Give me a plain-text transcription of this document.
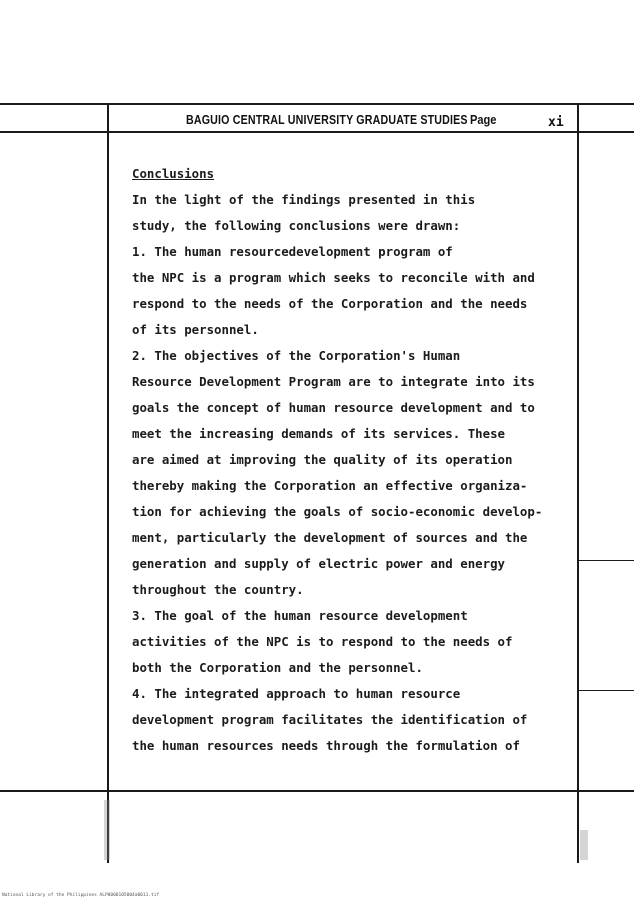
BAGUIO CENTRAL UNIVERSITY GRADUATE STUDIES Page	xi
Conclusions
In the light of the findings presented in this
study, the following conclusions were drawn:
1. The human resourcedevelopment program of
the NPC is a program which seeks to reconcile with and
respond to the needs of the Corporation and the needs
of its personnel.
2. The objectives of the Corporation's Human
Resource Development Program are to integrate into its
goals the concept of human resource development and to
meet the increasing demands of its services. These
are aimed at improving the quality of its operation
thereby making the Corporation an effective organiza-
tion for achieving the goals of socio-economic develop-
ment, particularly the development of sources and the
generation and supply of electric power and energy
throughout the country.
3. The goal of the human resource development
activities of the NPC is to respond to the needs of
both the Corporation and the personnel.
4. The integrated approach to human resource
development program facilitates the identification of
the human resources needs through the formulation of
National Library of the Philippines ALP0000105004a0011.tif
